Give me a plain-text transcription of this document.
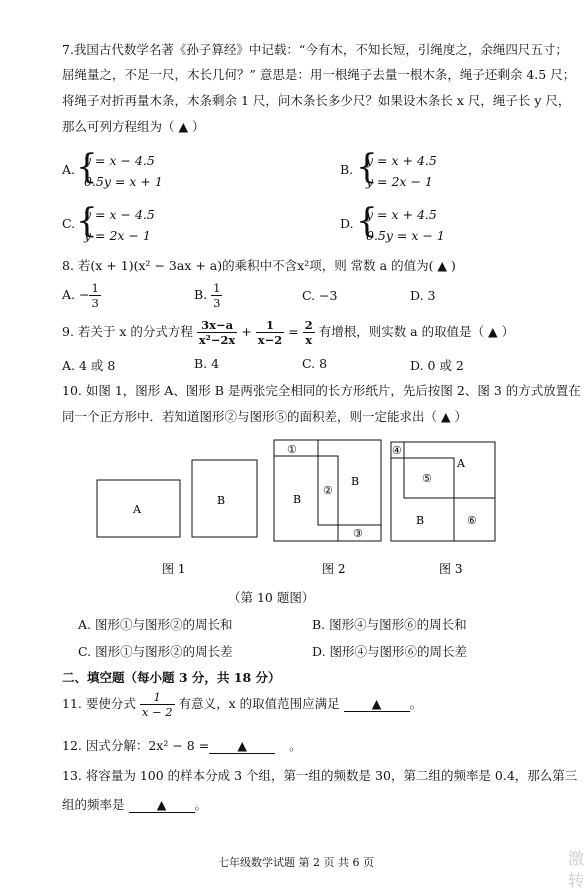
7.我国古代数学名著《孙子算经》中记载：“今有木，不知长短，引绳度之，余绳四尺五寸；
屈绳量之，不足一尺，木长几何？” 意思是：用一根绳子去量一根木条，绳子还剩余 4.5 尺；
将绳子对折再量木条，木条剩余 1 尺，问木条长多少尺？如果设木条长 x 尺，绳子长 y 尺，
那么可列方程组为（ ▲ ）
A. {
y = x − 4.5
0.5y = x + 1
B. {
y = x + 4.5
y = 2x − 1
C. {
y = x − 4.5
y = 2x − 1
D. {
y = x + 4.5
0.5y = x − 1
8. 若(x + 1)(x² − 3ax + a)的乘积中不含x²项，则 常数 a 的值为( ▲ )
A. − $\frac{1}{3}$	B. $\frac{1}{3}$	C. −3	D. 3
9. 若关于 x 的分式方程 $\frac{3x-a}{\text{x²−2x}} + \frac{1}{x-2} = \frac{2}{x}$ 有增根，则实数 a 的取值是（ ▲ ）
A. 4 或 8	B. 4	C. 8	D. 0 或 2
10. 如图 1，图形 A、图形 B 是两张完全相同的长方形纸片，先后按图 2、图 3 的方式放置在
同一个正方形中．若知道图形②与图形⑤的面积差，则一定能求出（ ▲ ）
A
B
图 1
①
②
③
B
B
图 2
④
⑤
⑥
A
B
图 3
（第 10 题图）
A. 图形①与图形②的周长和	B. 图形④与图形⑥的周长和
C. 图形①与图形②的周长差	D. 图形④与图形⑥的周长差
二、填空题（每小题 3 分，共 18 分）
11. 要使分式 $\frac{1}{x - 2}$ 有意义，x 的取值范围应满足	▲ 。
12. 因式分解：2x² − 8 = ▲	。
13. 将容量为 100 的样本分成 3 个组，第一组的频数是 30，第二组的频率是 0.4，那么第三
组的频率是	▲ 。
七年级数学试题 第 2 页 共 6 页	激
转
